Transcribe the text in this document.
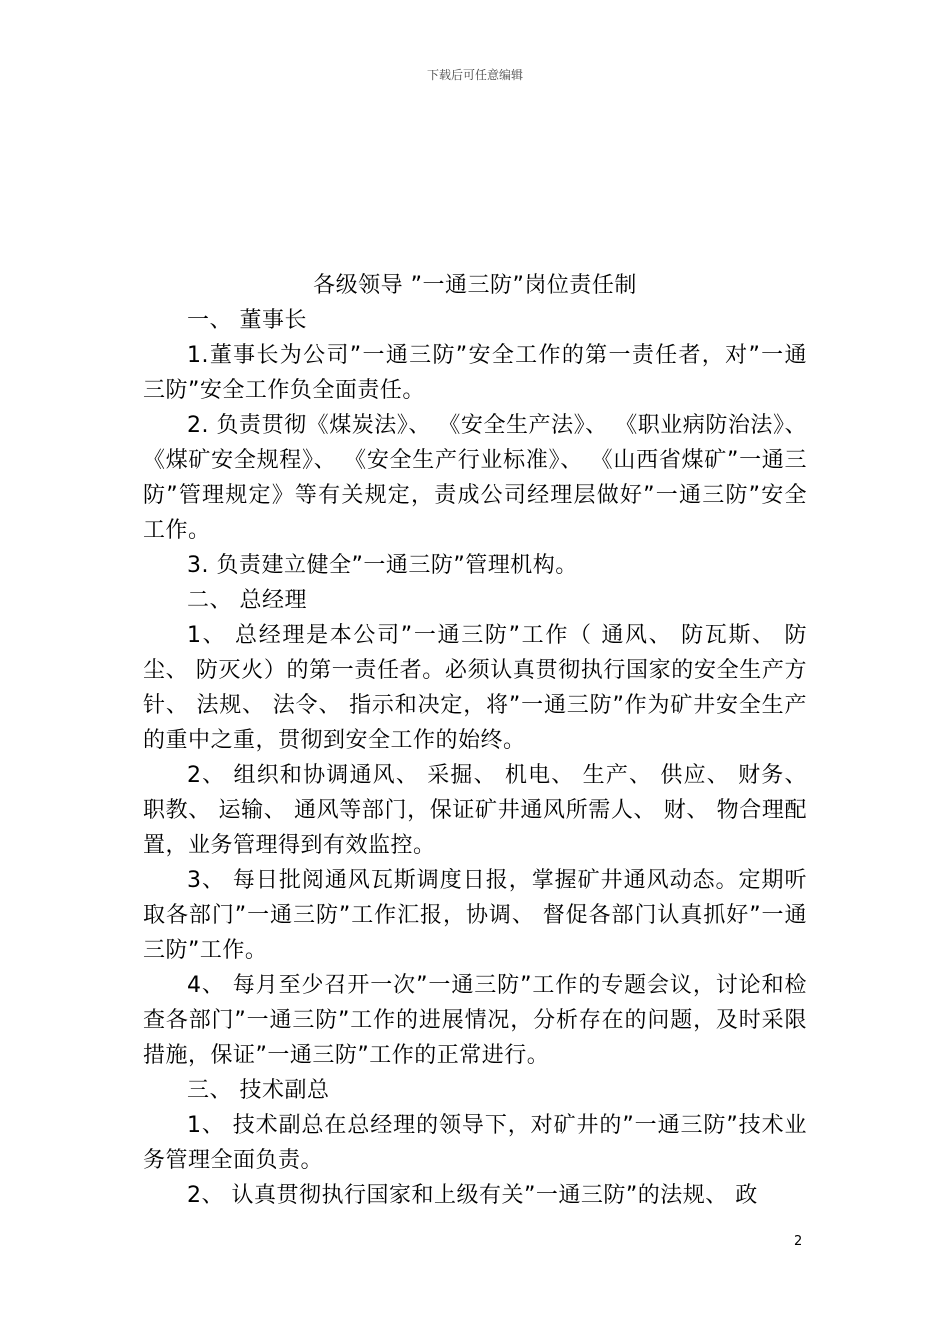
下载后可任意编辑

各级领导 ”一通三防”岗位责任制

一、 董事长

1.董事长为公司”一通三防”安全工作的第一责任者，对”一通三防”安全工作负全面责任。

2. 负责贯彻《煤炭法》、 《安全生产法》、 《职业病防治法》、 《煤矿安全规程》、 《安全生产行业标准》、 《山西省煤矿”一通三防”管理规定》等有关规定，责成公司经理层做好”一通三防”安全工作。

3. 负责建立健全”一通三防”管理机构。

二、 总经理

1、 总经理是本公司”一通三防”工作（ 通风、 防瓦斯、 防尘、 防灭火）的第一责任者。必须认真贯彻执行国家的安全生产方针、 法规、 法令、 指示和决定，将”一通三防”作为矿井安全生产的重中之重，贯彻到安全工作的始终。

2、 组织和协调通风、 采掘、 机电、 生产、 供应、 财务、 职教、 运输、 通风等部门，保证矿井通风所需人、 财、 物合理配置，业务管理得到有效监控。

3、 每日批阅通风瓦斯调度日报，掌握矿井通风动态。定期听取各部门”一通三防”工作汇报，协调、 督促各部门认真抓好”一通三防”工作。

4、 每月至少召开一次”一通三防”工作的专题会议，讨论和检查各部门”一通三防”工作的进展情况，分析存在的问题，及时采限措施，保证”一通三防”工作的正常进行。

三、 技术副总

1、 技术副总在总经理的领导下，对矿井的”一通三防”技术业务管理全面负责。

2、 认真贯彻执行国家和上级有关”一通三防”的法规、 政

2
